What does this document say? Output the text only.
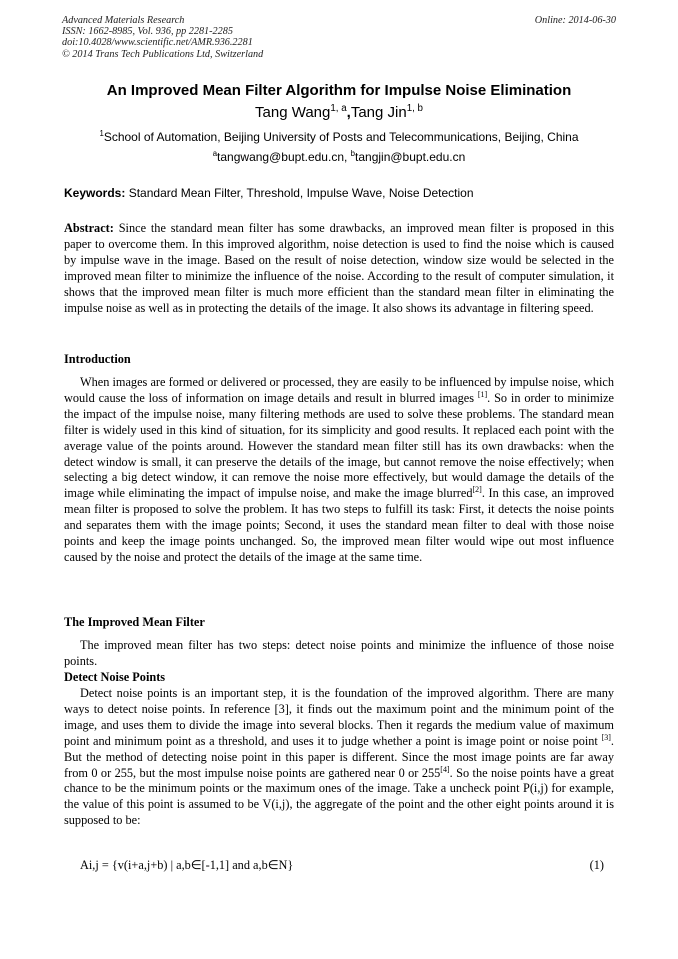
Advanced Materials Research
ISSN: 1662-8985, Vol. 936, pp 2281-2285
doi:10.4028/www.scientific.net/AMR.936.2281
© 2014 Trans Tech Publications Ltd, Switzerland
Online: 2014-06-30
An Improved Mean Filter Algorithm for Impulse Noise Elimination
Tang Wang$^{1, a}$,Tang Jin$^{1, b}$
$^1$School of Automation, Beijing University of Posts and Telecommunications, Beijing, China
$^a$tangwang@bupt.edu.cn, $^b$tangjin@bupt.edu.cn
Keywords: Standard Mean Filter, Threshold, Impulse Wave, Noise Detection
Abstract: Since the standard mean filter has some drawbacks, an improved mean filter is proposed in this paper to overcome them. In this improved algorithm, noise detection is used to find the noise which is caused by impulse wave in the image. Based on the result of noise detection, window size would be selected in the improved mean filter to minimize the influence of the noise. According to the result of computer simulation, it shows that the improved mean filter is much more efficient than the standard mean filter in eliminating the impulse noise as well as in protecting the details of the image. It also shows its advantage in filtering speed.
Introduction
When images are formed or delivered or processed, they are easily to be influenced by impulse noise, which would cause the loss of information on image details and result in blurred images [1]. So in order to minimize the impact of the impulse noise, many filtering methods are used to solve these problems. The standard mean filter is widely used in this kind of situation, for its simplicity and good results. It replaced each point with the average value of the points around. However the standard mean filter still has its own drawbacks: when the detect window is small, it can preserve the details of the image, but cannot remove the noise effectively; when selecting a big detect window, it can remove the noise more effectively, but would damage the details of the image while eliminating the impact of impulse noise, and make the image blurred[2]. In this case, an improved mean filter is proposed to solve the problem. It has two steps to fulfill its task: First, it detects the noise points and separates them with the image points; Second, it uses the standard mean filter to deal with those noise points and keep the image points unchanged. So, the improved mean filter would wipe out most influence caused by the noise and protect the details of the image at the same time.
The Improved Mean Filter
The improved mean filter has two steps: detect noise points and minimize the influence of those noise points.
Detect Noise Points
Detect noise points is an important step, it is the foundation of the improved algorithm. There are many ways to detect noise points. In reference [3], it finds out the maximum point and the minimum point of the image, and uses them to divide the image into several blocks. Then it regards the medium value of maximum point and minimum point as a threshold, and uses it to judge whether a point is image point or noise point [3]. But the method of detecting noise point in this paper is different. Since the most image points are far away from 0 or 255, but the most impulse noise points are gathered near 0 or 255[4]. So the noise points have a great chance to be the minimum points or the maximum ones of the image. Take a uncheck point P(i,j) for example, the value of this point is assumed to be V(i,j), the aggregate of the point and the other eight points around it is supposed to be:
Ai,j = {v(i+a,j+b) | a,b∈[-1,1] and a,b∈N}	(1)
